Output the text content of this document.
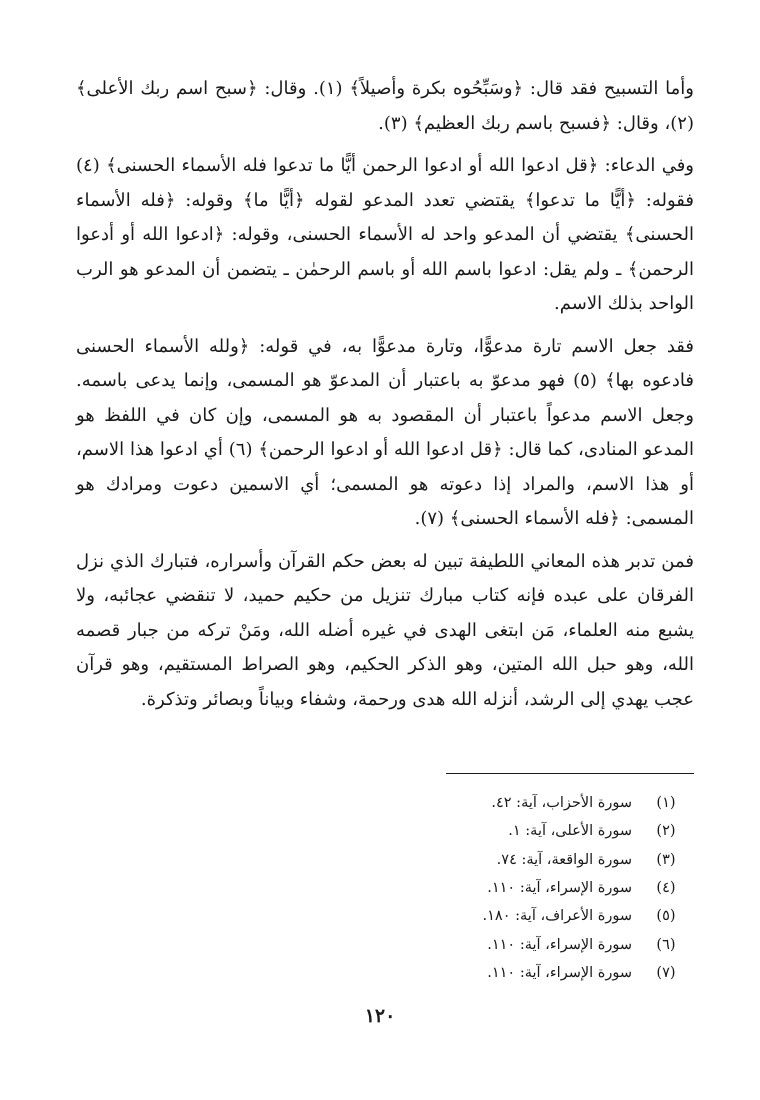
وأما التسبيح فقد قال: ﴿وسَبِّحُوه بكرة وأصيلاً﴾ (١). وقال: ﴿سبح اسم ربك الأعلى﴾ (٢)، وقال: ﴿فسبح باسم ربك العظيم﴾ (٣).

وفي الدعاء: ﴿قل ادعوا الله أو ادعوا الرحمن أيًّا ما تدعوا فله الأسماء الحسنى﴾ (٤) فقوله: ﴿أيًّا ما تدعوا﴾ يقتضي تعدد المدعو لقوله ﴿أيًّا ما﴾ وقوله: ﴿فله الأسماء الحسنى﴾ يقتضي أن المدعو واحد له الأسماء الحسنى، وقوله: ﴿ادعوا الله أو أدعوا الرحمن﴾ ـ ولم يقل: ادعوا باسم الله أو باسم الرحمٰن ـ يتضمن أن المدعو هو الرب الواحد بذلك الاسم.

فقد جعل الاسم تارة مدعوًّا، وتارة مدعوًّا به، في قوله: ﴿ولله الأسماء الحسنى فادعوه بها﴾ (٥) فهو مدعوّ به باعتبار أن المدعوّ هو المسمى، وإنما يدعى باسمه. وجعل الاسم مدعواً باعتبار أن المقصود به هو المسمى، وإن كان في اللفظ هو المدعو المنادى، كما قال: ﴿قل ادعوا الله أو ادعوا الرحمن﴾ (٦) أي ادعوا هذا الاسم، أو هذا الاسم، والمراد إذا دعوته هو المسمى؛ أي الاسمين دعوت ومرادك هو المسمى: ﴿فله الأسماء الحسنى﴾ (٧).

فمن تدبر هذه المعاني اللطيفة تبين له بعض حكم القرآن وأسراره، فتبارك الذي نزل الفرقان على عبده فإنه كتاب مبارك تنزيل من حكيم حميد، لا تنقضي عجائبه، ولا يشبع منه العلماء، مَن ابتغى الهدى في غيره أضله الله، ومَنْ تركه من جبار قصمه الله، وهو حبل الله المتين، وهو الذكر الحكيم، وهو الصراط المستقيم، وهو قرآن عجب يهدي إلى الرشد، أنزله الله هدى ورحمة، وشفاء وبياناً وبصائر وتذكرة.

(١)
سورة الأحزاب، آية: ٤٢.
(٢)
سورة الأعلى، آية: ١.
(٣)
سورة الواقعة، آية: ٧٤.
(٤)
سورة الإسراء، آية: ١١٠.
(٥)
سورة الأعراف، آية: ١٨٠.
(٦)
سورة الإسراء، آية: ١١٠.
(٧)
سورة الإسراء، آية: ١١٠.
١٢٠
